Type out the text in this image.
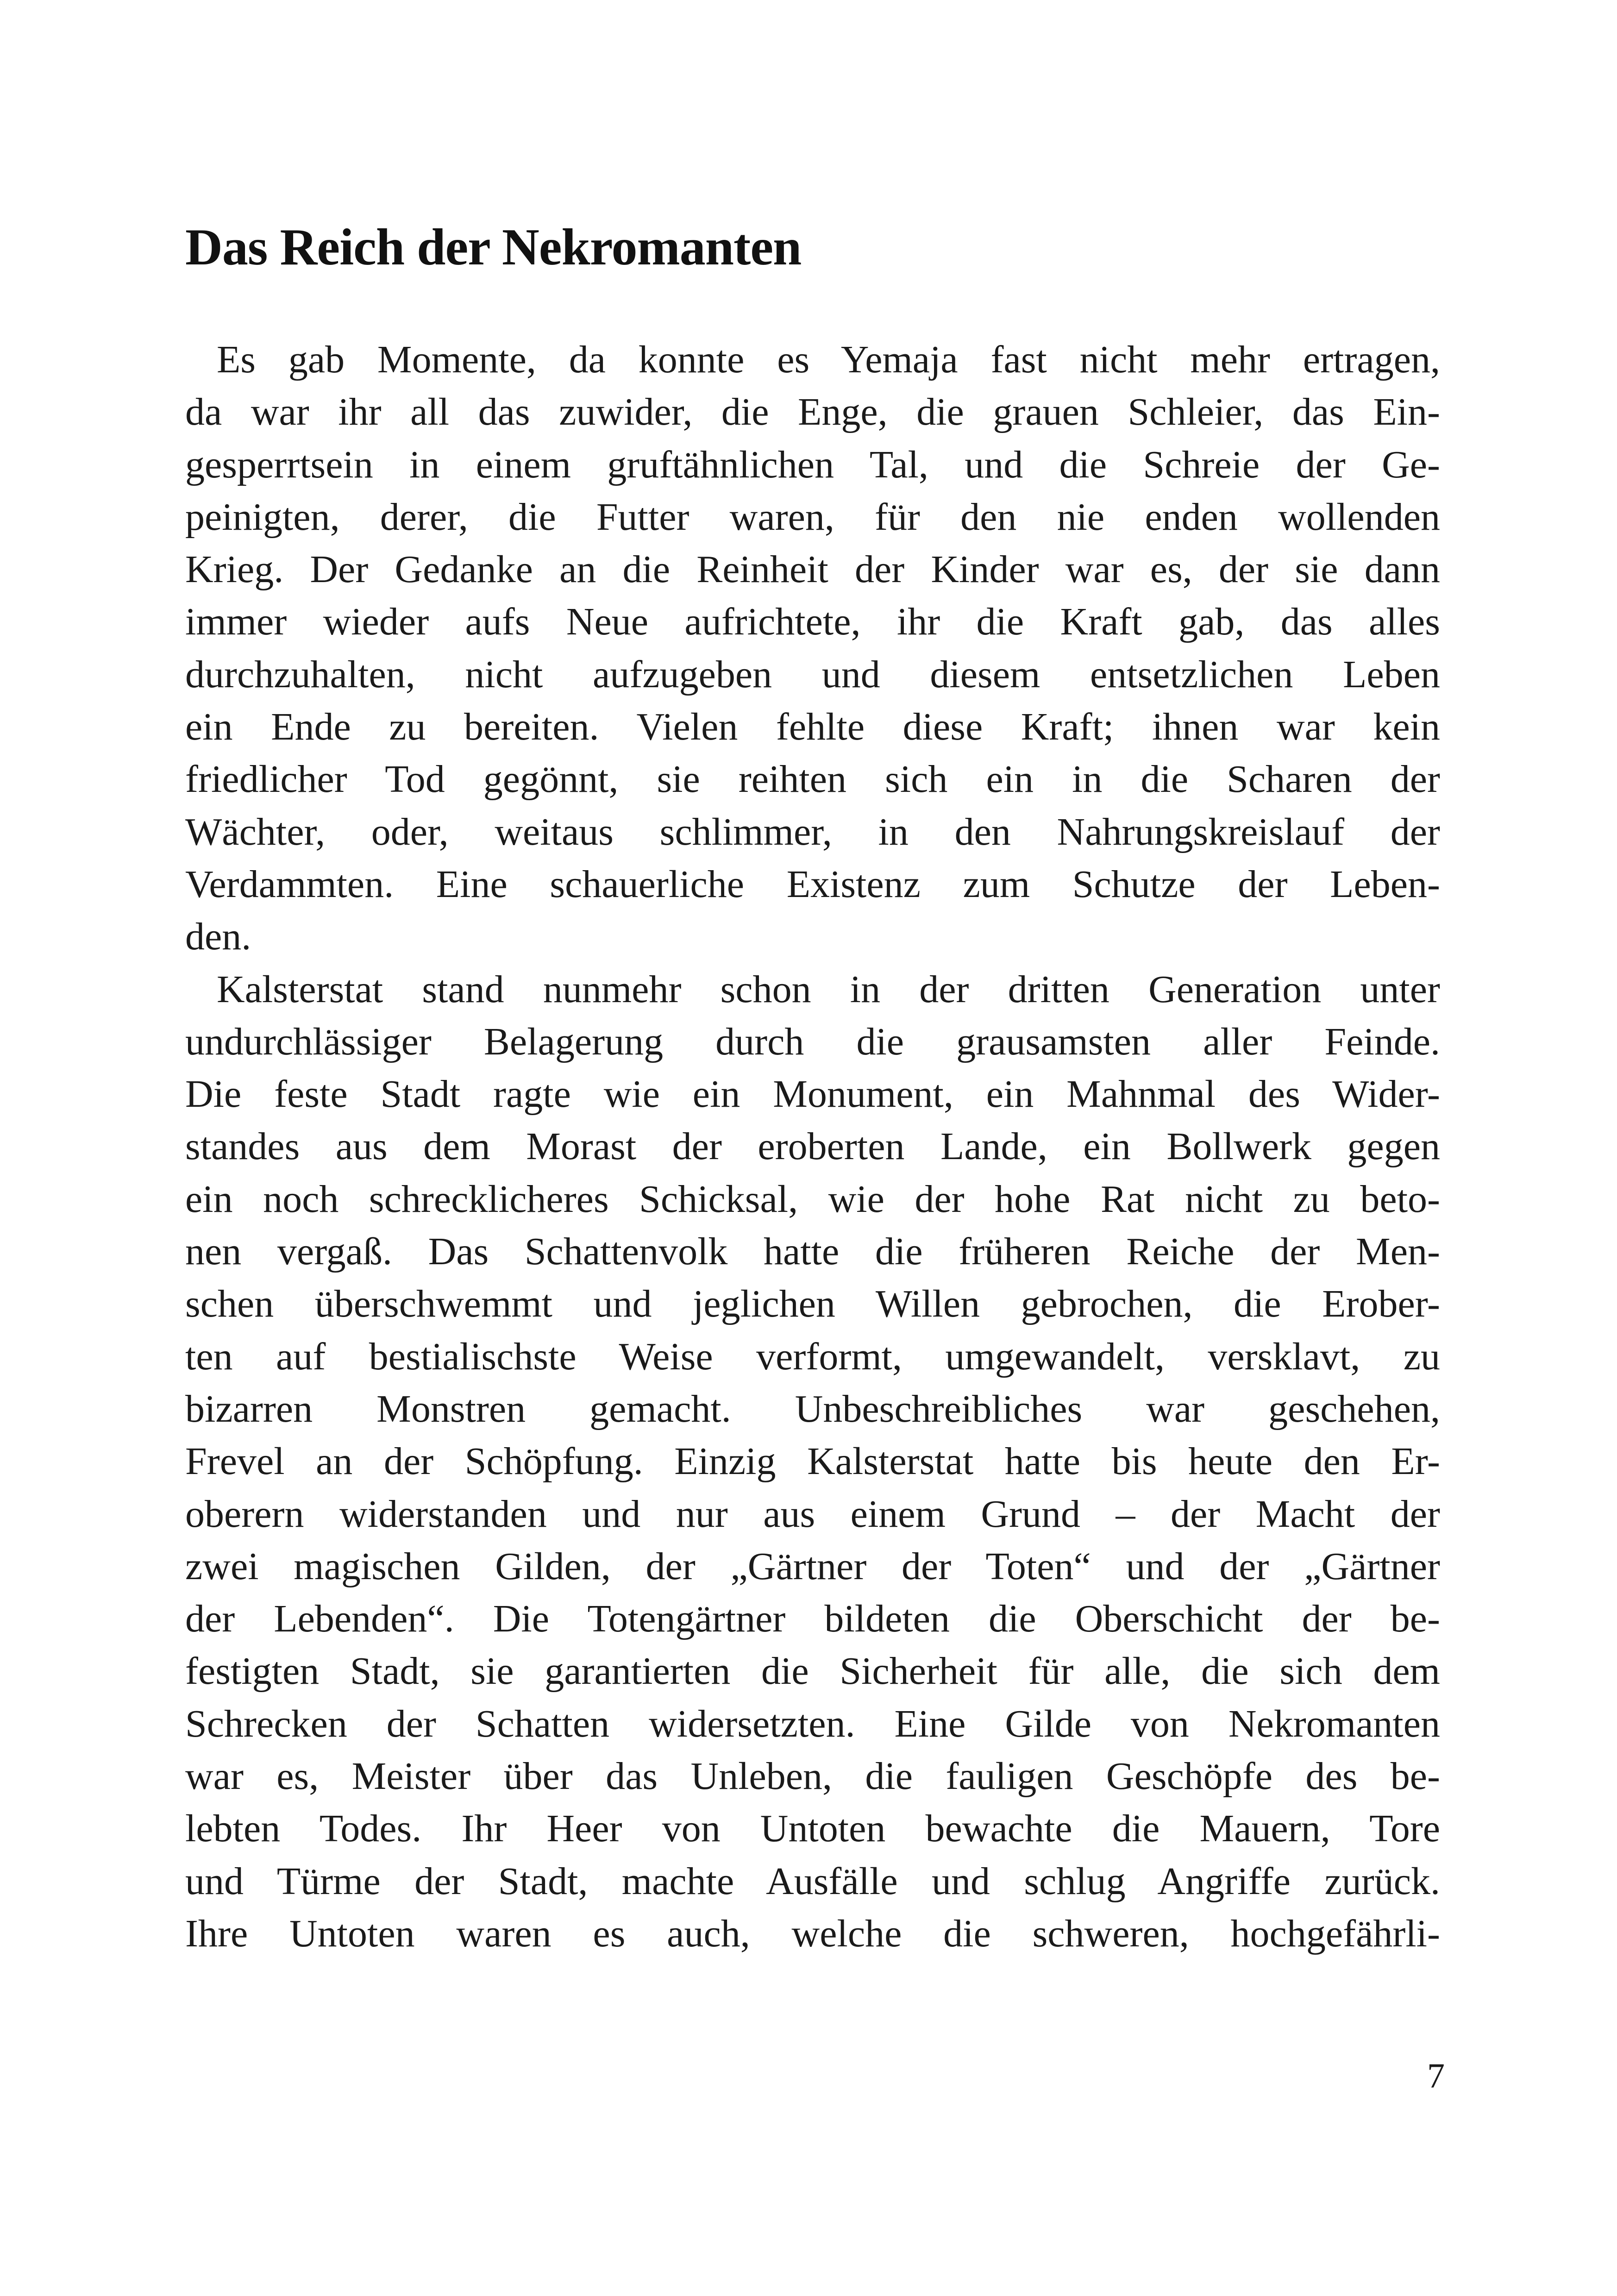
Das Reich der Nekromanten
Es gab Momente, da konnte es Yemaja fast nicht mehr ertragen,
da war ihr all das zuwider, die Enge, die grauen Schleier, das Ein-
gesperrtsein in einem gruftähnlichen Tal, und die Schreie der Ge-
peinigten, derer, die Futter waren, für den nie enden wollenden
Krieg. Der Gedanke an die Reinheit der Kinder war es, der sie dann
immer wieder aufs Neue aufrichtete, ihr die Kraft gab, das alles
durchzuhalten, nicht aufzugeben und diesem entsetzlichen Leben
ein Ende zu bereiten. Vielen fehlte diese Kraft; ihnen war kein
friedlicher Tod gegönnt, sie reihten sich ein in die Scharen der
Wächter, oder, weitaus schlimmer, in den Nahrungskreislauf der
Verdammten. Eine schauerliche Existenz zum Schutze der Leben-
den.
Kalsterstat stand nunmehr schon in der dritten Generation unter
undurchlässiger Belagerung durch die grausamsten aller Feinde.
Die feste Stadt ragte wie ein Monument, ein Mahnmal des Wider-
standes aus dem Morast der eroberten Lande, ein Bollwerk gegen
ein noch schrecklicheres Schicksal, wie der hohe Rat nicht zu beto-
nen vergaß. Das Schattenvolk hatte die früheren Reiche der Men-
schen überschwemmt und jeglichen Willen gebrochen, die Erober-
ten auf bestialischste Weise verformt, umgewandelt, versklavt, zu
bizarren Monstren gemacht. Unbeschreibliches war geschehen,
Frevel an der Schöpfung. Einzig Kalsterstat hatte bis heute den Er-
oberern widerstanden und nur aus einem Grund – der Macht der
zwei magischen Gilden, der „Gärtner der Toten“ und der „Gärtner
der Lebenden“. Die Totengärtner bildeten die Oberschicht der be-
festigten Stadt, sie garantierten die Sicherheit für alle, die sich dem
Schrecken der Schatten widersetzten. Eine Gilde von Nekromanten
war es, Meister über das Unleben, die fauligen Geschöpfe des be-
lebten Todes. Ihr Heer von Untoten bewachte die Mauern, Tore
und Türme der Stadt, machte Ausfälle und schlug Angriffe zurück.
Ihre Untoten waren es auch, welche die schweren, hochgefährli-
7
